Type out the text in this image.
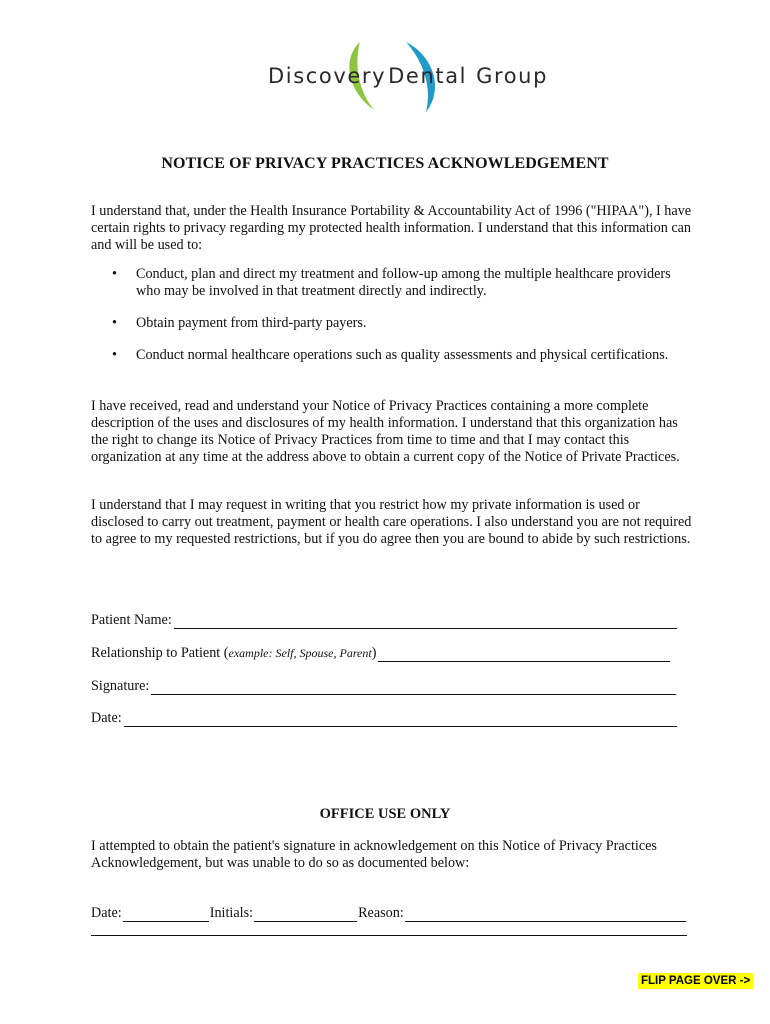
DiscoveryDental Group
NOTICE OF PRIVACY PRACTICES ACKNOWLEDGEMENT
I understand that, under the Health Insurance Portability & Accountability Act of 1996 ("HIPAA"), I have certain rights to privacy regarding my protected health information. I understand that this information can and will be used to:
• Conduct, plan and direct my treatment and follow-up among the multiple healthcare providers who may be involved in that treatment directly and indirectly.
• Obtain payment from third-party payers.
• Conduct normal healthcare operations such as quality assessments and physical certifications.
I have received, read and understand your Notice of Privacy Practices containing a more complete description of the uses and disclosures of my health information. I understand that this organization has the right to change its Notice of Privacy Practices from time to time and that I may contact this organization at any time at the address above to obtain a current copy of the Notice of Private Practices.
I understand that I may request in writing that you restrict how my private information is used or disclosed to carry out treatment, payment or health care operations. I also understand you are not required to agree to my requested restrictions, but if you do agree then you are bound to abide by such restrictions.
Patient Name:
Relationship to Patient ( example: Self, Spouse, Parent )
Signature:
Date:
OFFICE USE ONLY
I attempted to obtain the patient's signature in acknowledgement on this Notice of Privacy Practices Acknowledgement, but was unable to do so as documented below:
Date:	Initials:	Reason:
FLIP PAGE OVER ->
